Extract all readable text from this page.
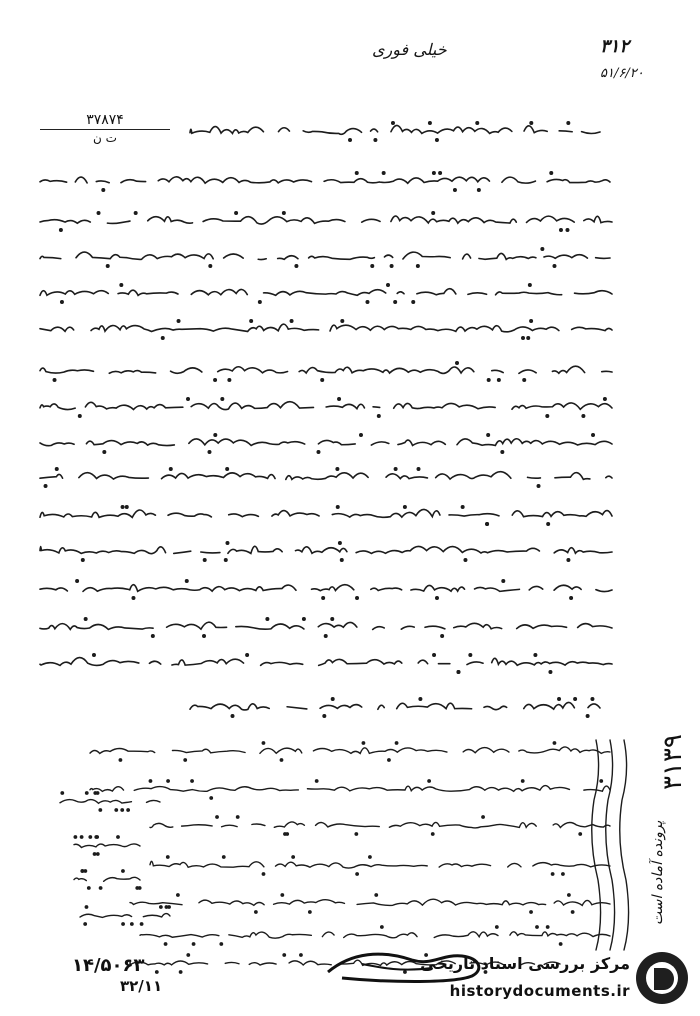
۳۱۲
خیلی فوری
۵۱/۶/۲۰
۳۷۸۷۴
ت ن
۳۱۳۹
پرونده آماده است
۱۴/۵۰۶۳
۳۲/۱۱
مرکز بررسی اسناد تاریخی
historydocuments.ir
